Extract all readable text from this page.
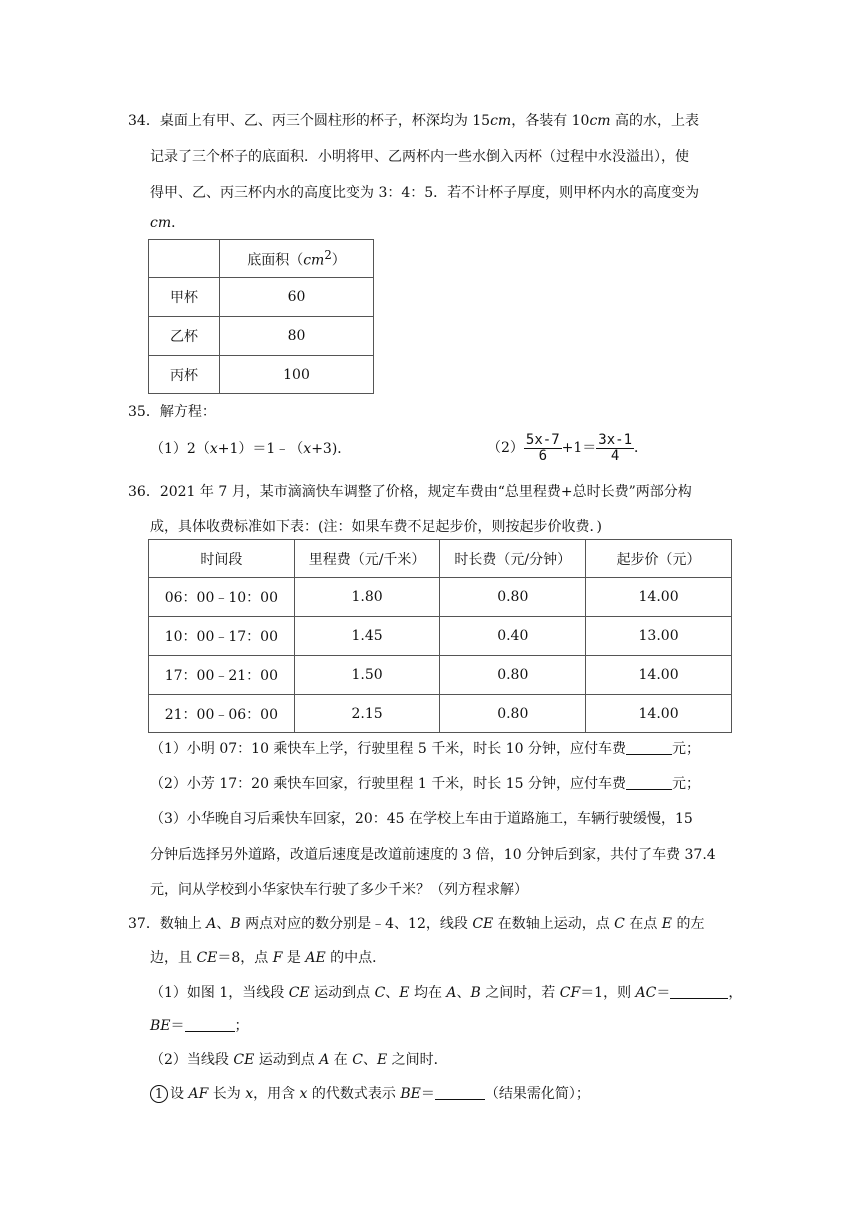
34．桌面上有甲、乙、丙三个圆柱形的杯子，杯深均为 15cm，各装有 10cm 高的水，上表
记录了三个杯子的底面积．小明将甲、乙两杯内一些水倒入丙杯（过程中水没溢出），使
得甲、乙、丙三杯内水的高度比变为 3：4：5．若不计杯子厚度，则甲杯内水的高度变为
cm．
	底面积$(cm^2)$
甲杯	60
乙杯	80
丙杯	100
35．解方程：
（1）2（x+1）＝1﹣（x+3)．	$(2) \frac{5x-7}{6} +1= \frac{3x-1}{4}$ ．
36．2021 年 7 月，某市滴滴快车调整了价格，规定车费由“总里程费+总时长费”两部分构
成，具体收费标准如下表：(注：如果车费不足起步价，则按起步价收费．)
时间段	里程费（元/千米）	时长费（元/分钟）	起步价（元）
06：00﹣10：00	1.80	0.80	14.00
10：00﹣17：00	1.45	0.40	13.00
17：00﹣21：00	1.50	0.80	14.00
21：00﹣06：00	2.15	0.80	14.00
（1）小明 07：10 乘快车上学，行驶里程 5 千米，时长 10 分钟，应付车费	元；
（2）小芳 17：20 乘快车回家，行驶里程 1 千米，时长 15 分钟，应付车费	元；
（3）小华晚自习后乘快车回家，20：45 在学校上车由于道路施工，车辆行驶缓慢，15
分钟后选择另外道路，改道后速度是改道前速度的 3 倍，10 分钟后到家，共付了车费 37.4
元，问从学校到小华家快车行驶了多少千米？（列方程求解）
37．数轴上 A、B 两点对应的数分别是﹣4、12，线段 CE 在数轴上运动，点 C 在点 E 的左
边，且 CE＝8，点 F 是 AE 的中点．
（1）如图 1，当线段 CE 运动到点 C、E 均在 A、B 之间时，若 CF＝1，则 AC＝	，
BE＝	；
（2）当线段 CE 运动到点 A 在 C、E 之间时．
1 设 AF 长为 x，用含 x 的代数式表示 BE＝	（结果需化简）；
